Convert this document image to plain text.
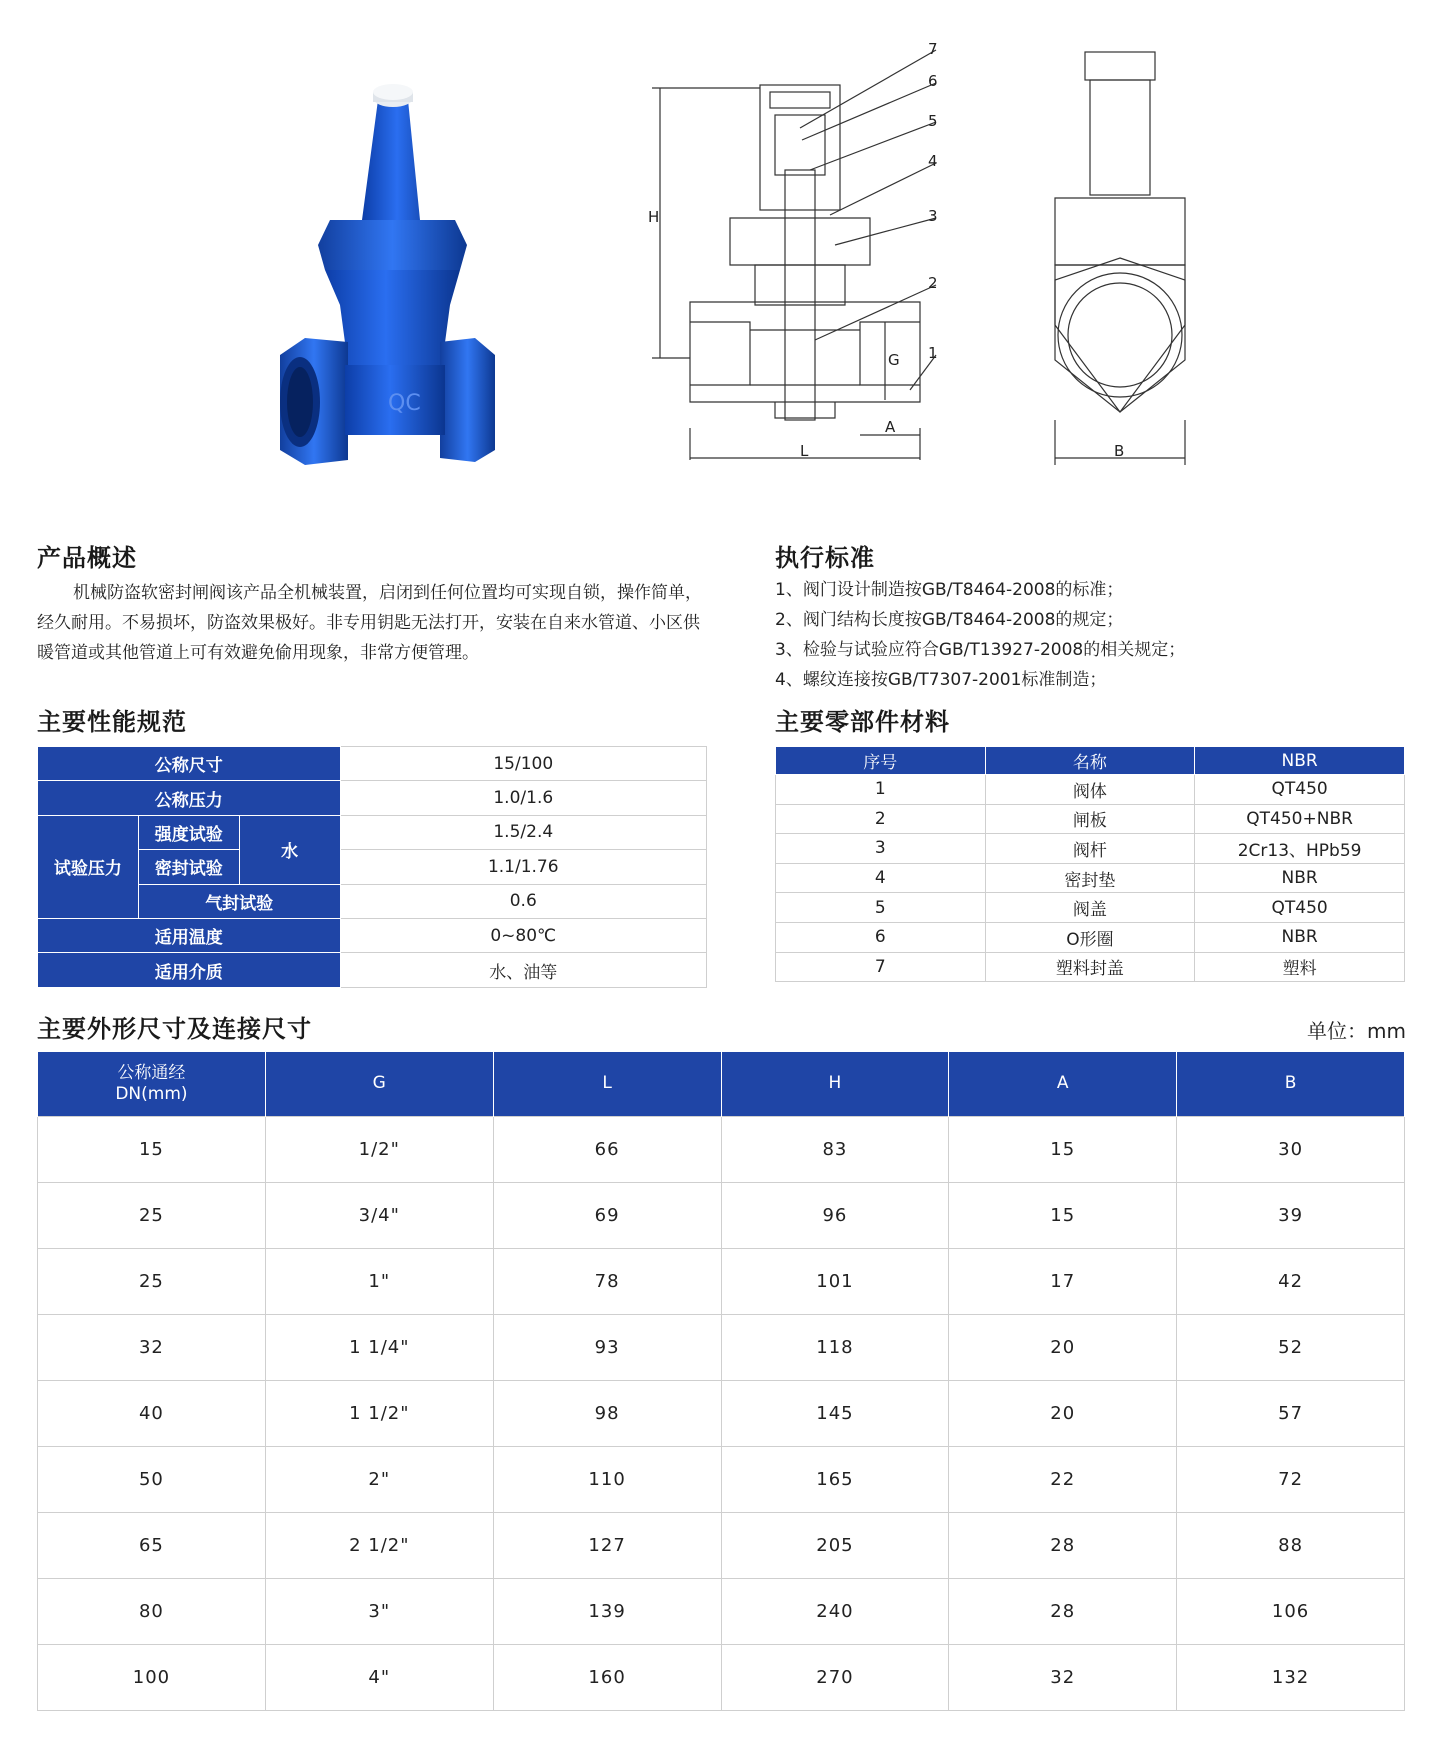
QC
7
6
5
4
3
2
1
H
G
A
L	B
产品概述
机械防盗软密封闸阀该产品全机械装置，启闭到任何位置均可实现自锁，操作简单，经久耐用。不易损坏，防盗效果极好。非专用钥匙无法打开，安装在自来水管道、小区供暖管道或其他管道上可有效避免偷用现象，非常方便管理。
执行标准
1、阀门设计制造按GB/T8464-2008的标准；
2、阀门结构长度按GB/T8464-2008的规定；
3、检验与试验应符合GB/T13927-2008的相关规定；
4、螺纹连接按GB/T7307-2001标准制造；
主要性能规范
公称尺寸			15/100
公称压力			1.0/1.6
试验压力	强度试验	水	1.5/2.4
	密封试验		1.1/1.76
	气封试验		0.6
适用温度			0~80℃
适用介质			水、油等
主要零部件材料
序号	名称	NBR
1	阀体	QT450
2	闸板	QT450+NBR
3	阀杆	2Cr13、HPb59
4	密封垫	NBR
5	阀盖	QT450
6	O形圈	NBR
7	塑料封盖	塑料
主要外形尺寸及连接尺寸	单位：mm
公称通经
DN(mm)	G	L	H	A	B
15	1/2"	66	83	15	30
25	3/4"	69	96	15	39
25	1"	78	101	17	42
32	1 1/4"	93	118	20	52
40	1 1/2"	98	145	20	57
50	2"	110	165	22	72
65	2 1/2"	127	205	28	88
80	3"	139	240	28	106
100	4"	160	270	32	132
